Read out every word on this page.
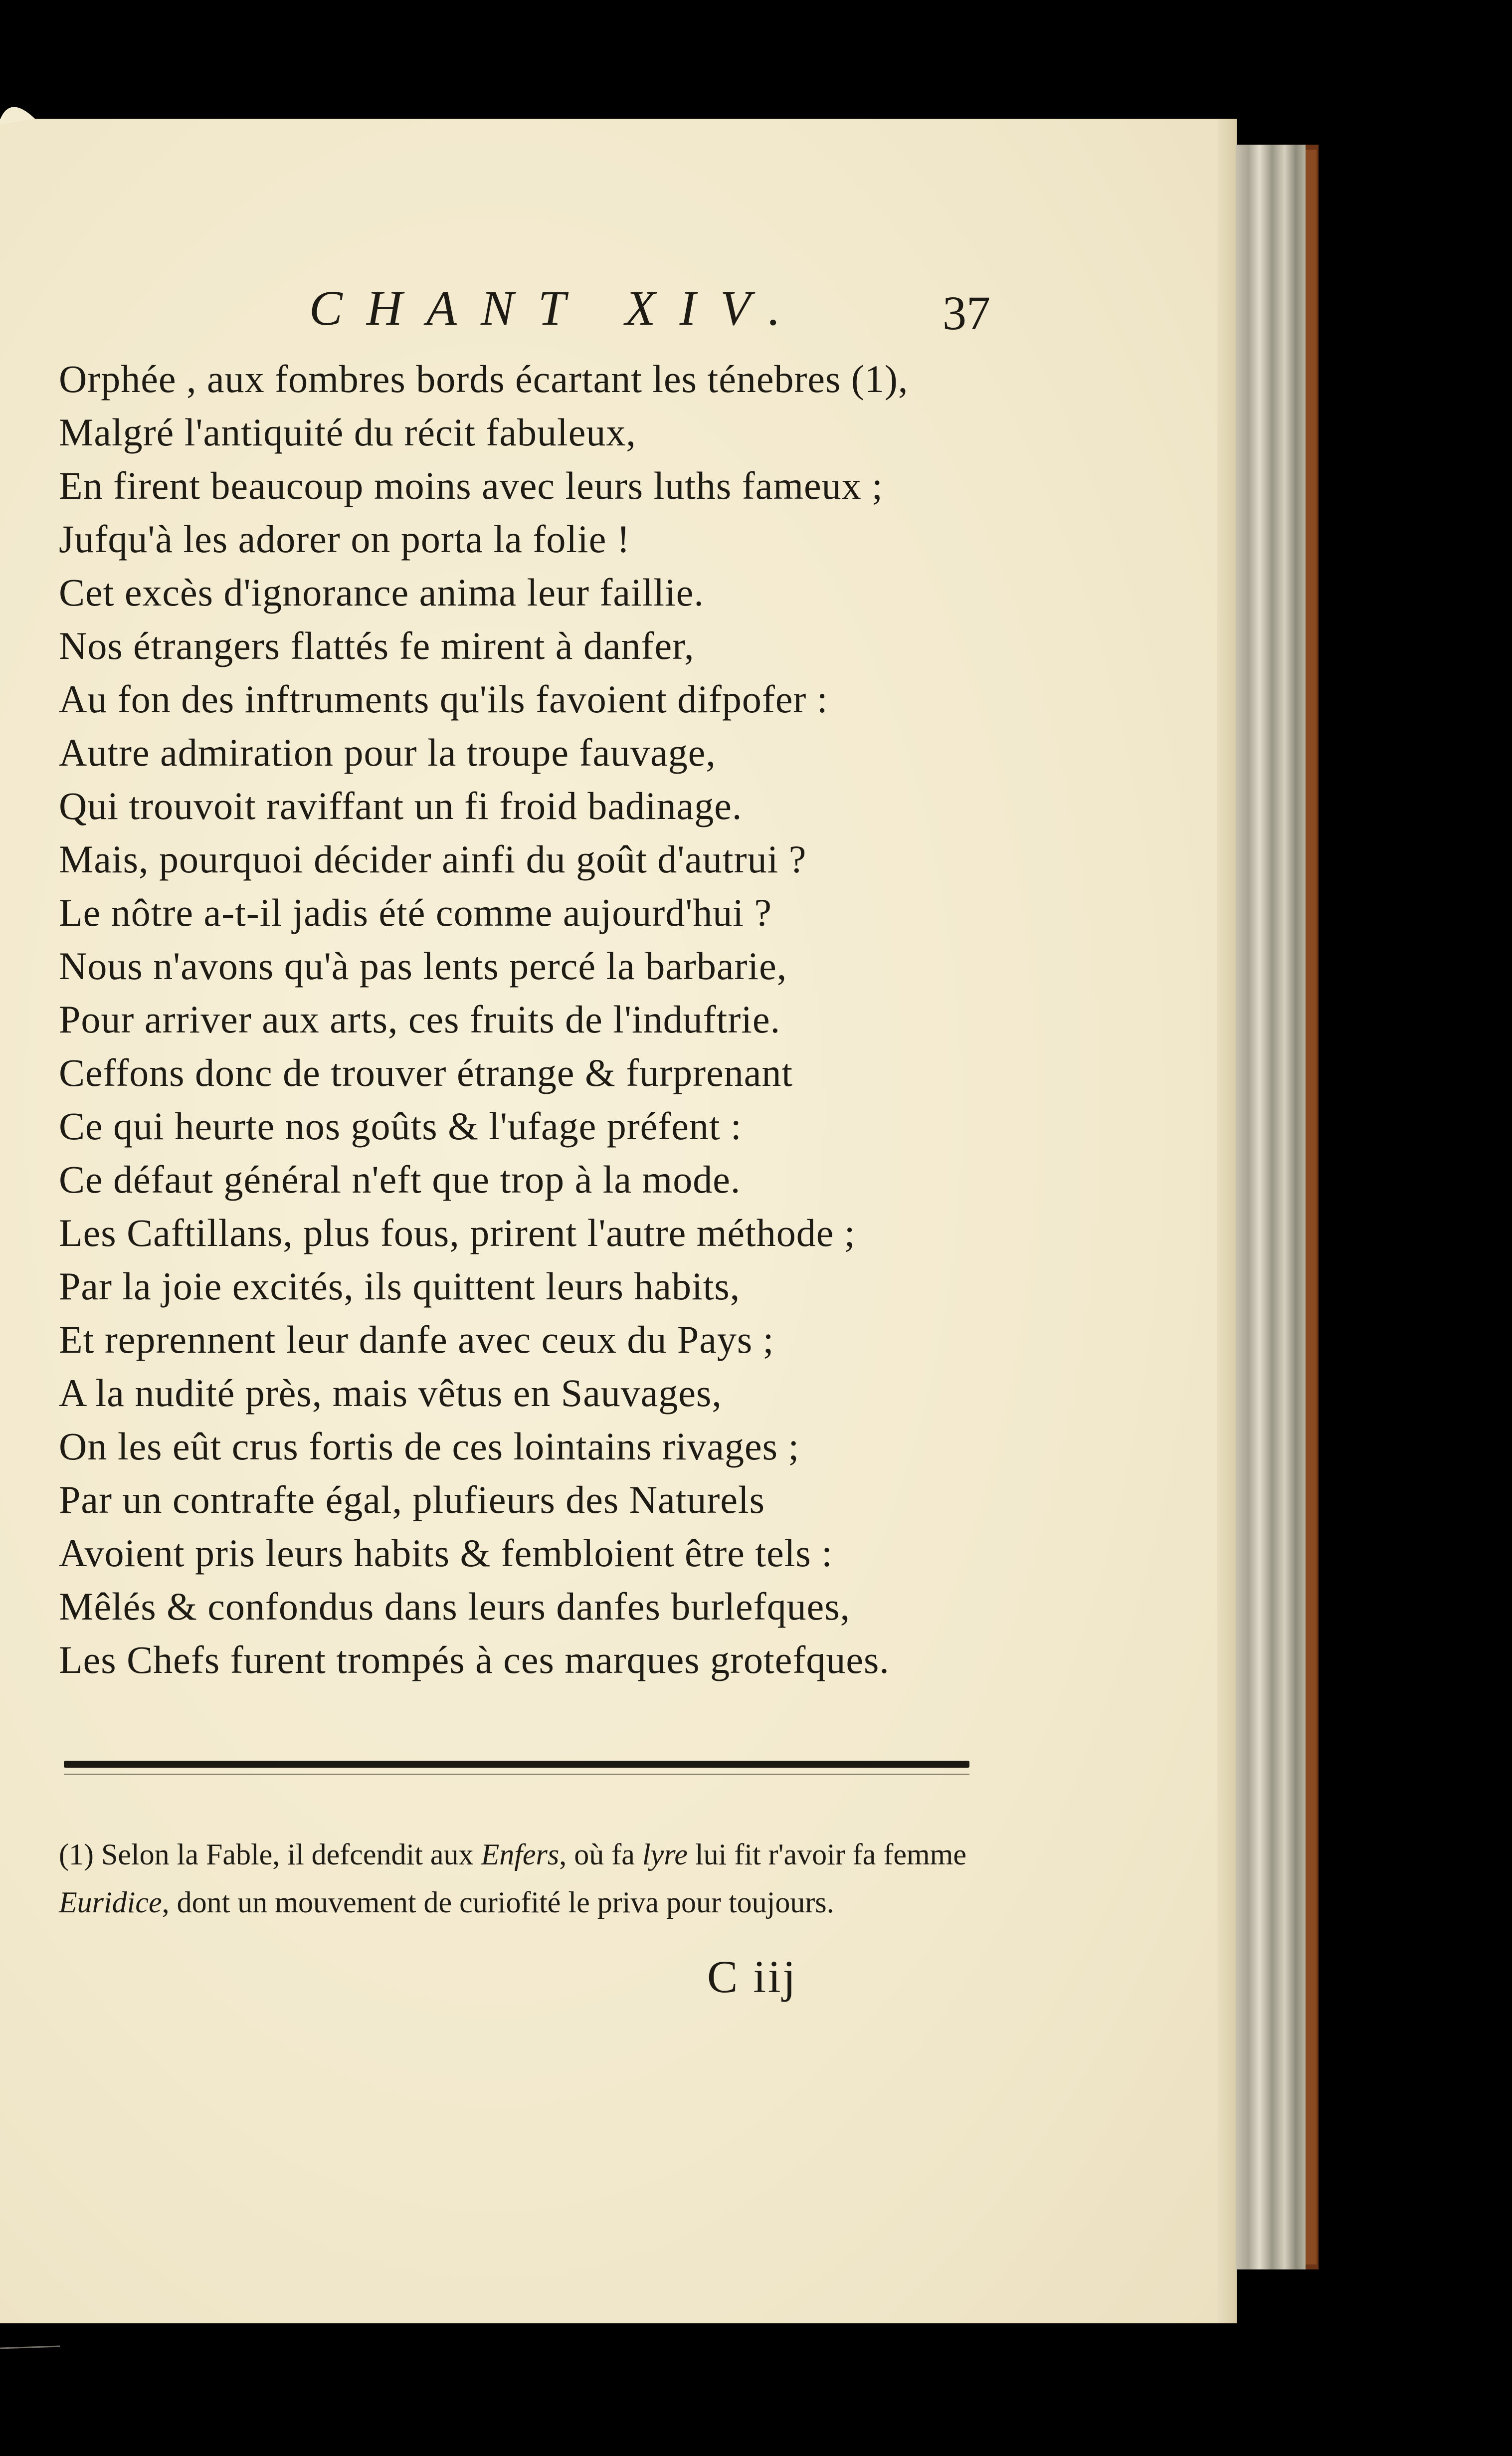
CHANT XIV.	37
Orphée , aux fombres bords écartant les ténebres (1),
Malgré l'antiquité du récit fabuleux,
En firent beaucoup moins avec leurs luths fameux ;
Jufqu'à les adorer on porta la folie !
Cet excès d'ignorance anima leur faillie.
Nos étrangers flattés fe mirent à danfer,
Au fon des inftruments qu'ils favoient difpofer :
Autre admiration pour la troupe fauvage,
Qui trouvoit raviffant un fi froid badinage.
Mais, pourquoi décider ainfi du goût d'autrui ?
Le nôtre a-t-il jadis été comme aujourd'hui ?
Nous n'avons qu'à pas lents percé la barbarie,
Pour arriver aux arts, ces fruits de l'induftrie.
Ceffons donc de trouver étrange & furprenant
Ce qui heurte nos goûts & l'ufage préfent :
Ce défaut général n'eft que trop à la mode.
Les Caftillans, plus fous, prirent l'autre méthode ;
Par la joie excités, ils quittent leurs habits,
Et reprennent leur danfe avec ceux du Pays ;
A la nudité près, mais vêtus en Sauvages,
On les eût crus fortis de ces lointains rivages ;
Par un contrafte égal, plufieurs des Naturels
Avoient pris leurs habits & fembloient être tels :
Mêlés & confondus dans leurs danfes burlefques,
Les Chefs furent trompés à ces marques grotefques.
(1) Selon la Fable, il defcendit aux Enfers, où fa lyre lui fit r'avoir fa femme Euridice, dont un mouvement de curiofité le priva pour toujours.
C iij
